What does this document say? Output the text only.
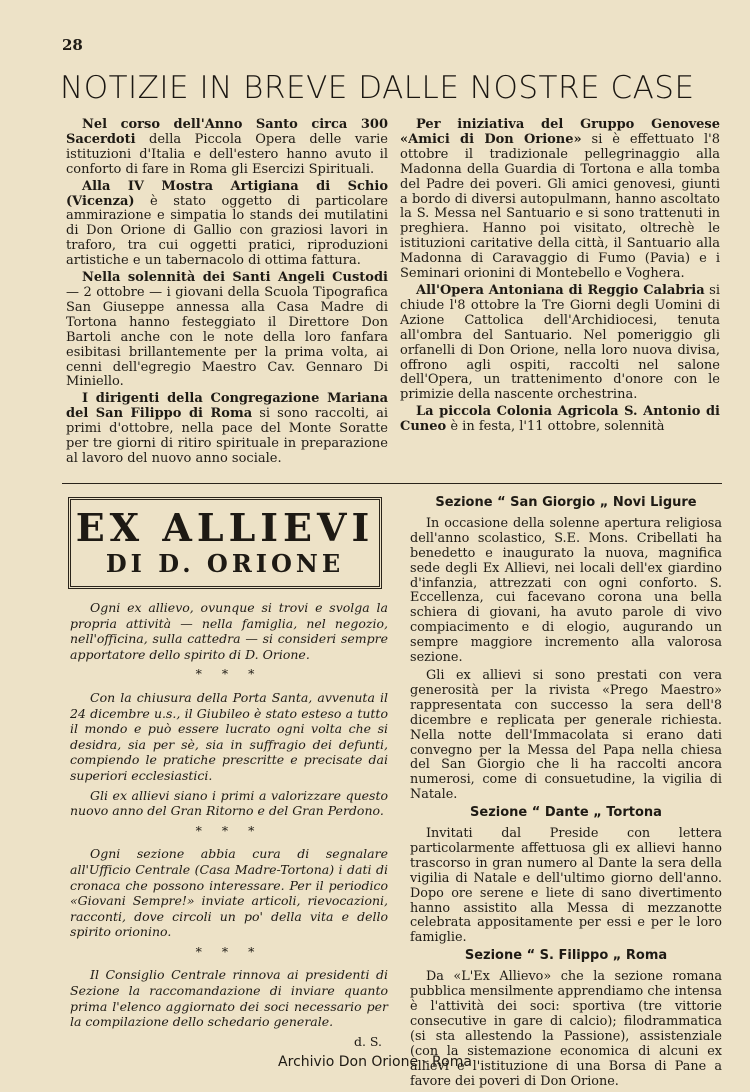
28
NOTIZIE IN BREVE DALLE NOSTRE CASE

Nel corso dell'Anno Santo circa 300 Sacerdoti della Piccola Opera delle varie istituzioni d'Italia e dell'estero hanno avuto il conforto di fare in Roma gli Esercizi Spirituali.

Alla IV Mostra Artigiana di Schio (Vicenza) è stato oggetto di particolare ammirazione e simpatia lo stands dei mutilatini di Don Orione di Gallio con graziosi lavori in traforo, tra cui oggetti pratici, riproduzioni artistiche e un tabernacolo di ottima fattura.

Nella solennità dei Santi Angeli Custodi — 2 ottobre — i giovani della Scuola Tipografica San Giuseppe annessa alla Casa Madre di Tortona hanno festeggiato il Direttore Don Bartoli anche con le note della loro fanfara esibitasi brillantemente per la prima volta, ai cenni dell'egregio Maestro Cav. Gennaro Di Miniello.

I dirigenti della Congregazione Mariana del San Filippo di Roma si sono raccolti, ai primi d'ottobre, nella pace del Monte Soratte per tre giorni di ritiro spirituale in preparazione al lavoro del nuovo anno sociale.

Per iniziativa del Gruppo Genovese «Amici di Don Orione» si è effettuato l'8 ottobre il tradizionale pellegrinaggio alla Madonna della Guardia di Tortona e alla tomba del Padre dei poveri. Gli amici genovesi, giunti a bordo di diversi autopulmann, hanno ascoltato la S. Messa nel Santuario e si sono trattenuti in preghiera. Hanno poi visitato, oltrechè le istituzioni caritative della città, il Santuario alla Madonna di Caravaggio di Fumo (Pavia) e i Seminari orionini di Montebello e Voghera.

All'Opera Antoniana di Reggio Calabria si chiude l'8 ottobre la Tre Giorni degli Uomini di Azione Cattolica dell'Archidiocesi, tenuta all'ombra del Santuario. Nel pomeriggio gli orfanelli di Don Orione, nella loro nuova divisa, offrono agli ospiti, raccolti nel salone dell'Opera, un trattenimento d'onore con le primizie della nascente orchestrina.

La piccola Colonia Agricola S. Antonio di Cuneo è in festa, l'11 ottobre, solennità

EX ALLIEVI
DI D. ORIONE

Ogni ex allievo, ovunque si trovi e svolga la propria attività — nella famiglia, nel negozio, nell'officina, sulla cattedra — si consideri sempre apportatore dello spirito di D. Orione.

* * *

Con la chiusura della Porta Santa, avvenuta il 24 dicembre u.s., il Giubileo è stato esteso a tutto il mondo e può essere lucrato ogni volta che si desidra, sia per sè, sia in suffragio dei defunti, compiendo le pratiche prescritte e precisate dai superiori ecclesiastici.

Gli ex allievi siano i primi a valorizzare questo nuovo anno del Gran Ritorno e del Gran Perdono.

* * *

Ogni sezione abbia cura di segnalare all'Ufficio Centrale (Casa Madre-Tortona) i dati di cronaca che possono interessare. Per il periodico «Giovani Sempre!» inviate articoli, rievocazioni, racconti, dove circoli un po' della vita e dello spirito orionino.

* * *

Il Consiglio Centrale rinnova ai presidenti di Sezione la raccomandazione di inviare quanto prima l'elenco aggiornato dei soci necessario per la compilazione dello schedario generale.

d. S.
Sezione “ San Giorgio „ Novi Ligure

In occasione della solenne apertura religiosa dell'anno scolastico, S.E. Mons. Cribellati ha benedetto e inaugurato la nuova, magnifica sede degli Ex Allievi, nei locali dell'ex giardino d'infanzia, attrezzati con ogni conforto. S. Eccellenza, cui facevano corona una bella schiera di giovani, ha avuto parole di vivo compiacimento e di elogio, augurando un sempre maggiore incremento alla valorosa sezione.

Gli ex allievi si sono prestati con vera generosità per la rivista «Prego Maestro» rappresentata con successo la sera dell'8 dicembre e replicata per generale richiesta. Nella notte dell'Immacolata si erano dati convegno per la Messa del Papa nella chiesa del San Giorgio che li ha raccolti ancora numerosi, come di consuetudine, la vigilia di Natale.

Sezione “ Dante „ Tortona

Invitati dal Preside con lettera particolarmente affettuosa gli ex allievi hanno trascorso in gran numero al Dante la sera della vigilia di Natale e dell'ultimo giorno dell'anno. Dopo ore serene e liete di sano divertimento hanno assistito alla Messa di mezzanotte celebrata appositamente per essi e per le loro famiglie.

Sezione “ S. Filippo „ Roma

Da «L'Ex Allievo» che la sezione romana pubblica mensilmente apprendiamo che intensa è l'attività dei soci: sportiva (tre vittorie consecutive in gare di calcio); filodrammatica (si sta allestendo la Passione), assistenziale (con la sistemazione economica di alcuni ex allievi e l'istituzione di una Borsa di Pane a favore dei poveri di Don Orione.

Archivio Don Orione - Roma
